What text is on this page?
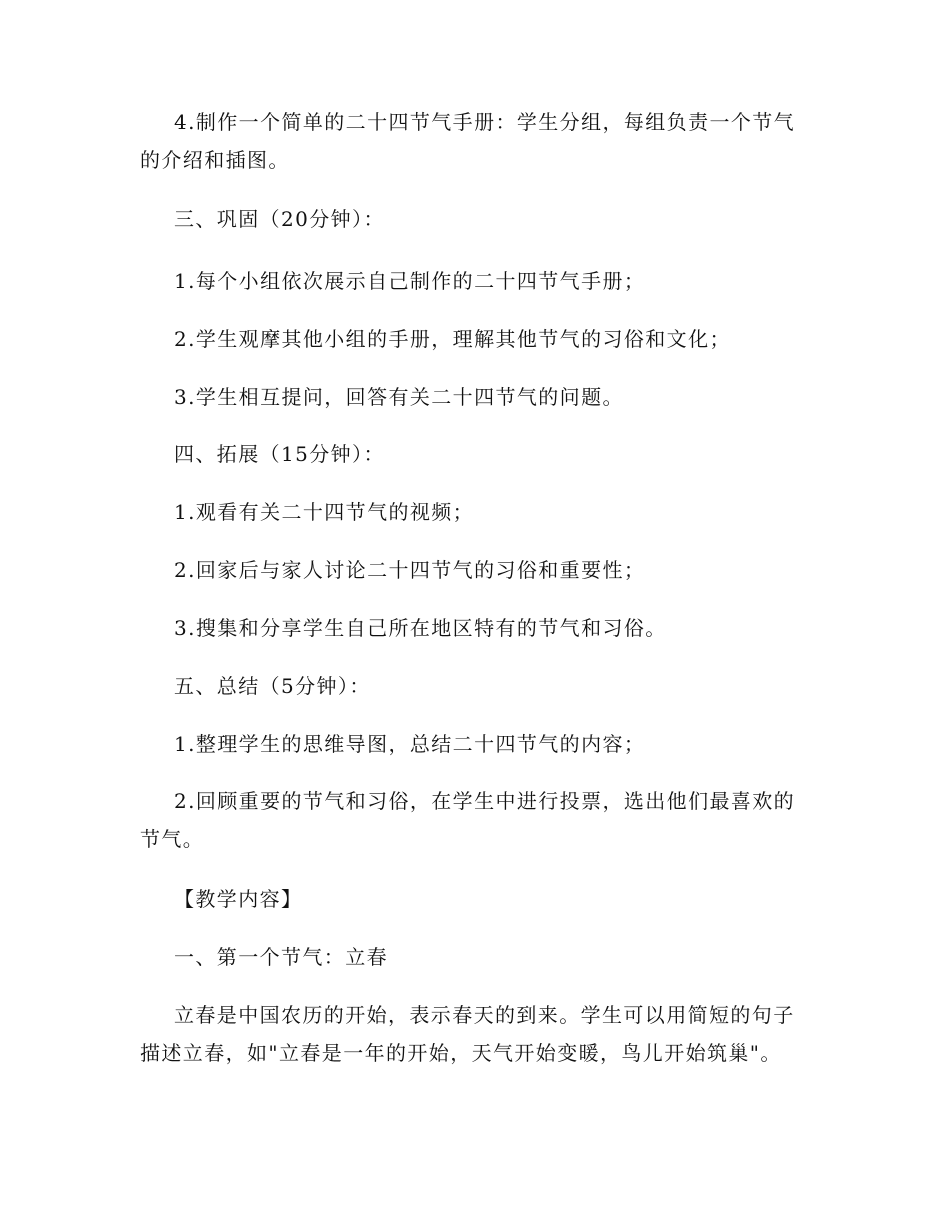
4.制作一个简单的二十四节气手册：学生分组，每组负责一个节气的介绍和插图。

三、巩固（20分钟）：

1.每个小组依次展示自己制作的二十四节气手册；

2.学生观摩其他小组的手册，理解其他节气的习俗和文化；

3.学生相互提问，回答有关二十四节气的问题。

四、拓展（15分钟）：

1.观看有关二十四节气的视频；

2.回家后与家人讨论二十四节气的习俗和重要性；

3.搜集和分享学生自己所在地区特有的节气和习俗。

五、总结（5分钟）：

1.整理学生的思维导图，总结二十四节气的内容；

2.回顾重要的节气和习俗，在学生中进行投票，选出他们最喜欢的节气。

【教学内容】

一、第一个节气：立春

立春是中国农历的开始，表示春天的到来。学生可以用简短的句子描述立春，如"立春是一年的开始，天气开始变暖，鸟儿开始筑巢"。
